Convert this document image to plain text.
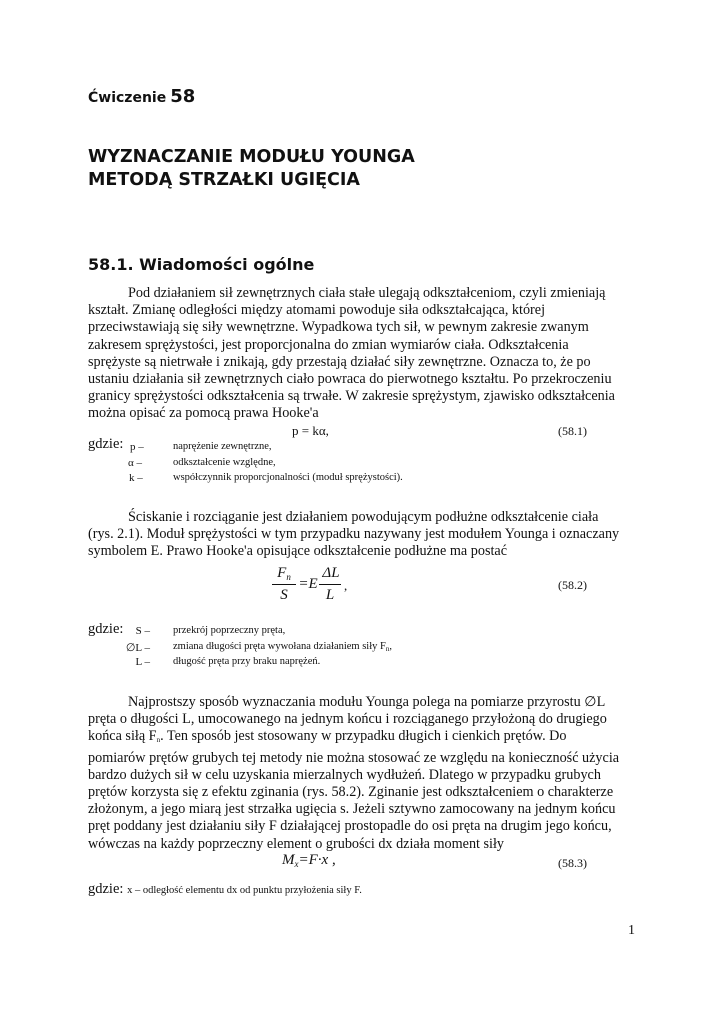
Ćwiczenie 58
WYZNACZANIE MODUŁU YOUNGA
METODĄ STRZAŁKI UGIĘCIA
58.1. Wiadomości ogólne
Pod działaniem sił zewnętrznych ciała stałe ulegają odkształceniom, czyli zmieniają
kształt. Zmianę odległości między atomami powoduje siła odkształcająca, której
przeciwstawiają się siły wewnętrzne. Wypadkowa tych sił, w pewnym zakresie zwanym
zakresem sprężystości, jest proporcjonalna do zmian wymiarów ciała. Odkształcenia
sprężyste są nietrwałe i znikają, gdy przestają działać siły zewnętrzne. Oznacza to, że po
ustaniu działania sił zewnętrznych ciało powraca do pierwotnego kształtu. Po przekroczeniu
granicy sprężystości odkształcenia są trwałe. W zakresie sprężystym, zjawisko odkształcenia
można opisać za pomocą prawa Hooke'a
p = kα,	(58.1)
gdzie: p –	naprężenie zewnętrzne,
α –	odkształcenie względne,
k –	współczynnik proporcjonalności (moduł sprężystości).
Ściskanie i rozciąganie jest działaniem powodującym podłużne odkształcenie ciała
(rys. 2.1). Moduł sprężystości w tym przypadku nazywany jest modułem Younga i oznaczany
symbolem E. Prawo Hooke'a opisujące odkształcenie podłużne ma postać
$F_n$
S
=E
ΔL
L
,	(58.2)
gdzie:	S – przekrój poprzeczny pręta,
∅L – zmiana długości pręta wywołana działaniem siły Fn,
L – długość pręta przy braku naprężeń.
Najprostszy sposób wyznaczania modułu Younga polega na pomiarze przyrostu ∅L
pręta o długości L, umocowanego na jednym końcu i rozciąganego przyłożoną do drugiego
końca siłą Fn. Ten sposób jest stosowany w przypadku długich i cienkich prętów. Do
pomiarów prętów grubych tej metody nie można stosować ze względu na konieczność użycia
bardzo dużych sił w celu uzyskania mierzalnych wydłużeń. Dlatego w przypadku grubych
prętów korzysta się z efektu zginania (rys. 58.2). Zginanie jest odkształceniem o charakterze
złożonym, a jego miarą jest strzałka ugięcia s. Jeżeli sztywno zamocowany na jednym końcu
pręt poddany jest działaniu siły F działającej prostopadle do osi pręta na drugim jego końcu,
wówczas na każdy poprzeczny element o grubości dx działa moment siły
$M_x=F\cdot x$ ,	(58.3)
gdzie: x – odległość elementu dx od punktu przyłożenia siły F.
1
